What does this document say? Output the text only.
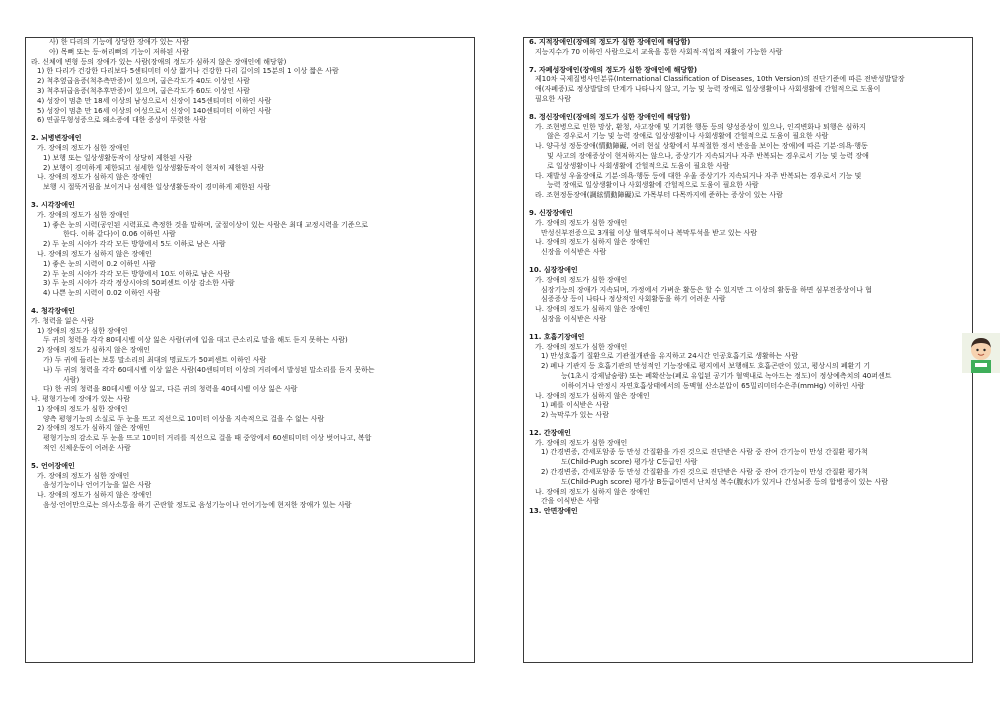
사) 한 다리의 기능에 상당한 장애가 있는 사람
아) 목뼈 또는 등·허리뼈의 기능이 저하된 사람
라. 신체에 변형 등의 장애가 있는 사람(장애의 정도가 심하지 않은 장애인에 해당함)
1) 한 다리가 건강한 다리보다 5센티미터 이상 짧거나 건강한 다리 길이의 15분의 1 이상 짧은 사람
2) 척추옆굽음증(척추측만증)이 있으며, 굽은각도가 40도 이상인 사람
3) 척추뒤굽음증(척추후만증)이 있으며, 굽은각도가 60도 이상인 사람
4) 성장이 멈춘 만 18세 이상의 남성으로서 신장이 145센티미터 이하인 사람
5) 성장이 멈춘 만 16세 이상의 여성으로서 신장이 140센티미터 이하인 사람
6) 연골무형성증으로 왜소증에 대한 증상이 뚜렷한 사람
2. 뇌병변장애인
가. 장애의 정도가 심한 장애인
1) 보행 또는 일상생활동작이 상당히 제한된 사람
2) 보행이 경미하게 제한되고 섬세한 일상생활동작이 현저히 제한된 사람
나. 장애의 정도가 심하지 않은 장애인
보행 시 절뚝거림을 보이거나 섬세한 일상생활동작이 경미하게 제한된 사람
3. 시각장애인
가. 장애의 정도가 심한 장애인
1) 좋은 눈의 시력(공인된 시력표로 측정한 것을 말하며, 굴절이상이 있는 사람은 최대 교정시력을 기준으로
한다. 이하 같다)이 0.06 이하인 사람
2) 두 눈의 시야가 각각 모든 방향에서 5도 이하로 남은 사람
나. 장애의 정도가 심하지 않은 장애인
1) 좋은 눈의 시력이 0.2 이하인 사람
2) 두 눈의 시야가 각각 모든 방향에서 10도 이하로 남은 사람
3) 두 눈의 시야가 각각 정상시야의 50퍼센트 이상 감소한 사람
4) 나쁜 눈의 시력이 0.02 이하인 사람
4. 청각장애인
가. 청력을 잃은 사람
1) 장애의 정도가 심한 장애인
두 귀의 청력을 각각 80데시벨 이상 잃은 사람(귀에 입을 대고 큰소리로 말을 해도 듣지 못하는 사람)
2) 장애의 정도가 심하지 않은 장애인
가) 두 귀에 들리는 보통 말소리의 최대의 명료도가 50퍼센트 이하인 사람
나) 두 귀의 청력을 각각 60데시벨 이상 잃은 사람(40센티미터 이상의 거리에서 발성된 말소리를 듣지 못하는
사람)
다) 한 귀의 청력을 80데시벨 이상 잃고, 다른 귀의 청력을 40데시벨 이상 잃은 사람
나. 평형기능에 장애가 있는 사람
1) 장애의 정도가 심한 장애인
양측 평형기능의 소실로 두 눈을 뜨고 직선으로 10미터 이상을 지속적으로 걸을 수 없는 사람
2) 장애의 정도가 심하지 않은 장애인
평형기능의 감소로 두 눈을 뜨고 10미터 거리를 직선으로 걸을 때 중앙에서 60센티미터 이상 벗어나고, 복합
적인 신체운동이 어려운 사람
5. 언어장애인
가. 장애의 정도가 심한 장애인
음성기능이나 언어기능을 잃은 사람
나. 장애의 정도가 심하지 않은 장애인
음성·언어만으로는 의사소통을 하기 곤란할 정도로 음성기능이나 언어기능에 현저한 장애가 있는 사람
6. 지적장애인(장애의 정도가 심한 장애인에 해당함)
지능지수가 70 이하인 사람으로서 교육을 통한 사회적·직업적 재활이 가능한 사람
7. 자폐성장애인(장애의 정도가 심한 장애인에 해당함)
제10차 국제질병사인분류(International Classification of Diseases, 10th Version)의 진단기준에 따른 전반성발달장
애(자폐증)로 정상발달의 단계가 나타나지 않고, 기능 및 능력 장애로 일상생활이나 사회생활에 간헐적으로 도움이
필요한 사람
8. 정신장애인(장애의 정도가 심한 장애인에 해당함)
가. 조현병으로 인한 망상, 환청, 사고장애 및 기괴한 행동 등의 양성증상이 있으나, 인격변화나 퇴행은 심하지
않은 경우로서 기능 및 능력 장애로 일상생활이나 사회생활에 간헐적으로 도움이 필요한 사람
나. 양극성 정동장애(情動障礙, 여러 현실 상황에서 부적절한 정서 반응을 보이는 장애)에 따른 기분·의욕·행동
및 사고의 장애증상이 현저하지는 않으나, 증상기가 지속되거나 자주 반복되는 경우로서 기능 및 능력 장애
로 일상생활이나 사회생활에 간헐적으로 도움이 필요한 사람
다. 재발성 우울장애로 기분·의욕·행동 등에 대한 우울 증상기가 지속되거나 자주 반복되는 경우로서 기능 및
능력 장애로 일상생활이나 사회생활에 간헐적으로 도움이 필요한 사람
라. 조현정동장애(調絃情動障礙)로 가목부터 다목까지에 준하는 증상이 있는 사람
9. 신장장애인
가. 장애의 정도가 심한 장애인
만성신부전증으로 3개월 이상 혈액투석이나 복막투석을 받고 있는 사람
나. 장애의 정도가 심하지 않은 장애인
신장을 이식받은 사람
10. 심장장애인
가. 장애의 정도가 심한 장애인
심장기능의 장애가 지속되며, 가정에서 가벼운 활동은 할 수 있지만 그 이상의 활동을 하면 심부전증상이나 협
심증증상 등이 나타나 정상적인 사회활동을 하기 어려운 사람
나. 장애의 정도가 심하지 않은 장애인
심장을 이식받은 사람
11. 호흡기장애인
가. 장애의 정도가 심한 장애인
1) 만성호흡기 질환으로 기관절개관을 유지하고 24시간 인공호흡기로 생활하는 사람
2) 폐나 기관지 등 호흡기관의 만성적인 기능장애로 평지에서 보행해도 호흡곤란이 있고, 평상시의 폐환기 기
능(1초시 강제날숨량) 또는 폐확산능(폐로 유입된 공기가 혈액내로 녹아드는 정도)이 정상예측치의 40퍼센트
이하이거나 안정시 자연호흡상태에서의 동맥혈 산소분압이 65밀리미터수은주(mmHg) 이하인 사람
나. 장애의 정도가 심하지 않은 장애인
1) 폐를 이식받은 사람
2) 늑막루가 있는 사람
12. 간장애인
가. 장애의 정도가 심한 장애인
1) 간경변증, 간세포암종 등 만성 간질환을 가진 것으로 진단받은 사람 중 잔여 간기능이 만성 간질환 평가척
도(Child-Pugh score) 평가상 C등급인 사람
2) 간경변증, 간세포암종 등 만성 간질환을 가진 것으로 진단받은 사람 중 잔여 간기능이 만성 간질환 평가척
도(Child-Pugh score) 평가상 B등급이면서 난치성 복수(腹水)가 있거나 간성뇌증 등의 합병증이 있는 사람
나. 장애의 정도가 심하지 않은 장애인
간을 이식받은 사람
13. 안면장애인
